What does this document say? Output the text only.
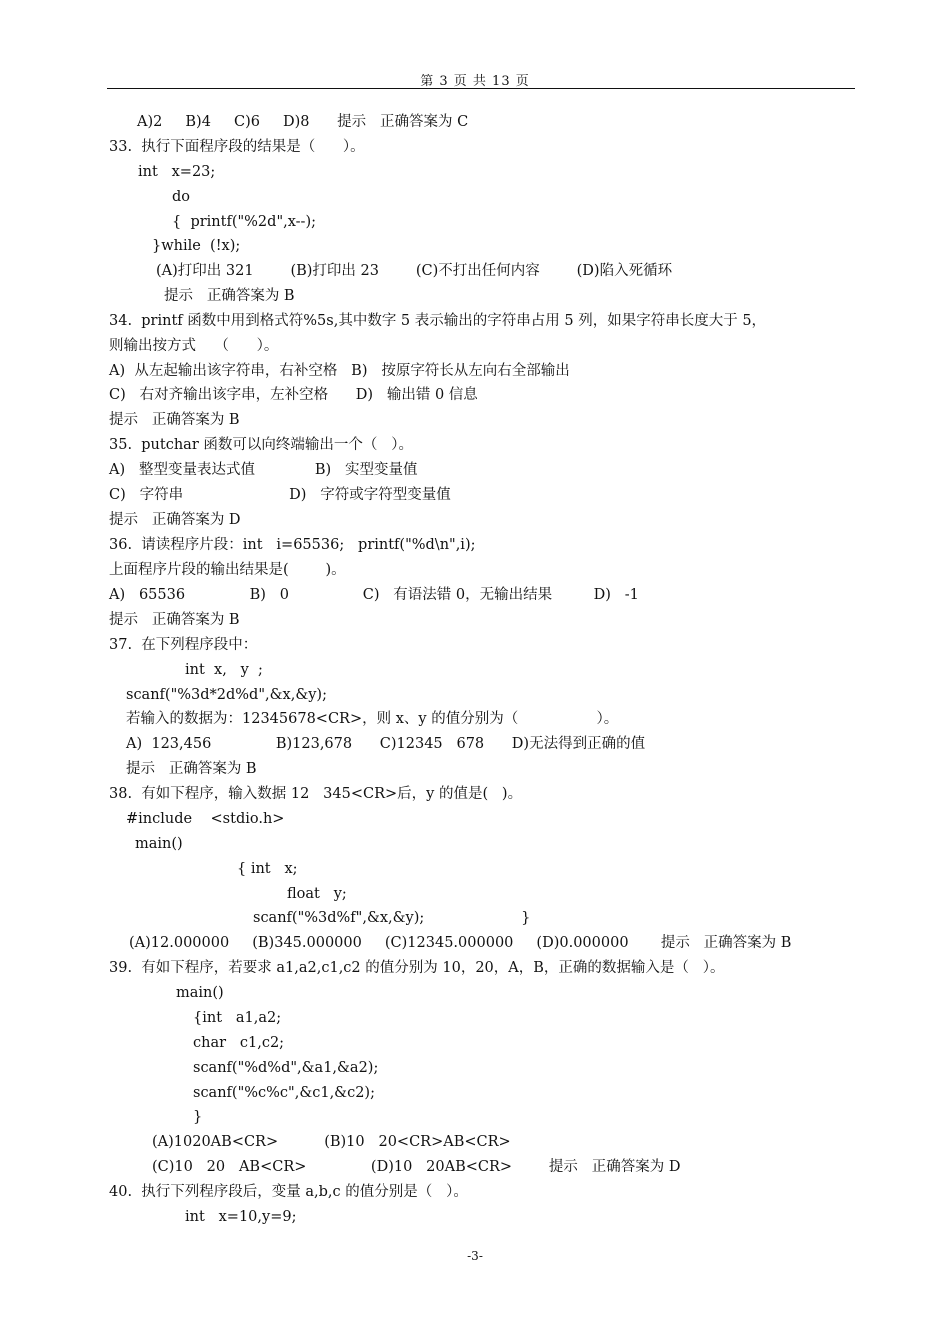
第 3 页 共 13 页
A)2     B)4     C)6     D)8      提示   正确答案为 C
33.  执行下面程序段的结果是（      ）。
int   x=23;
do
{  printf("%2d",x--);
}while  (!x);
(A)打印出 321        (B)打印出 23        (C)不打出任何内容        (D)陷入死循环
提示   正确答案为 B
34.  printf 函数中用到格式符%5s,其中数字 5 表示输出的字符串占用 5 列，如果字符串长度大于 5，
则输出按方式    （      ）。
A)  从左起输出该字符串，右补空格   B)   按原字符长从左向右全部输出
C)   右对齐输出该字串，左补空格      D)   输出错 0 信息
提示   正确答案为 B
35.  putchar 函数可以向终端输出一个（   ）。
A)   整型变量表达式值             B)   实型变量值
C)   字符串                       D)   字符或字符型变量值
提示   正确答案为 D
36.  请读程序片段：int   i=65536;   printf("%d\n",i);
上面程序片段的输出结果是(        )。
A)   65536              B)   0                C)   有语法错 0，无输出结果         D)   -1
提示   正确答案为 B
37.  在下列程序段中：
int  x,   y  ;
scanf("%3d*2d%d",&x,&y);
若输入的数据为：12345678<CR>，则 x、y 的值分别为（                 ）。
A)  123,456              B)123,678      C)12345   678      D)无法得到正确的值
提示   正确答案为 B
38.  有如下程序，输入数据 12   345<CR>后，y 的值是(   )。
#include    <stdio.h>
main()
{ int   x;
float   y;
scanf("%3d%f",&x,&y);                     }
(A)12.000000     (B)345.000000     (C)12345.000000     (D)0.000000       提示   正确答案为 B
39.  有如下程序，若要求 a1,a2,c1,c2 的值分别为 10，20，A，B，正确的数据输入是（   ）。
main()
{int   a1,a2;
char   c1,c2;
scanf("%d%d",&a1,&a2);
scanf("%c%c",&c1,&c2);
}
(A)1020AB<CR>          (B)10   20<CR>AB<CR>
(C)10   20   AB<CR>              (D)10   20AB<CR>        提示   正确答案为 D
40.  执行下列程序段后，变量 a,b,c 的值分别是（   ）。
int   x=10,y=9;
-3-
